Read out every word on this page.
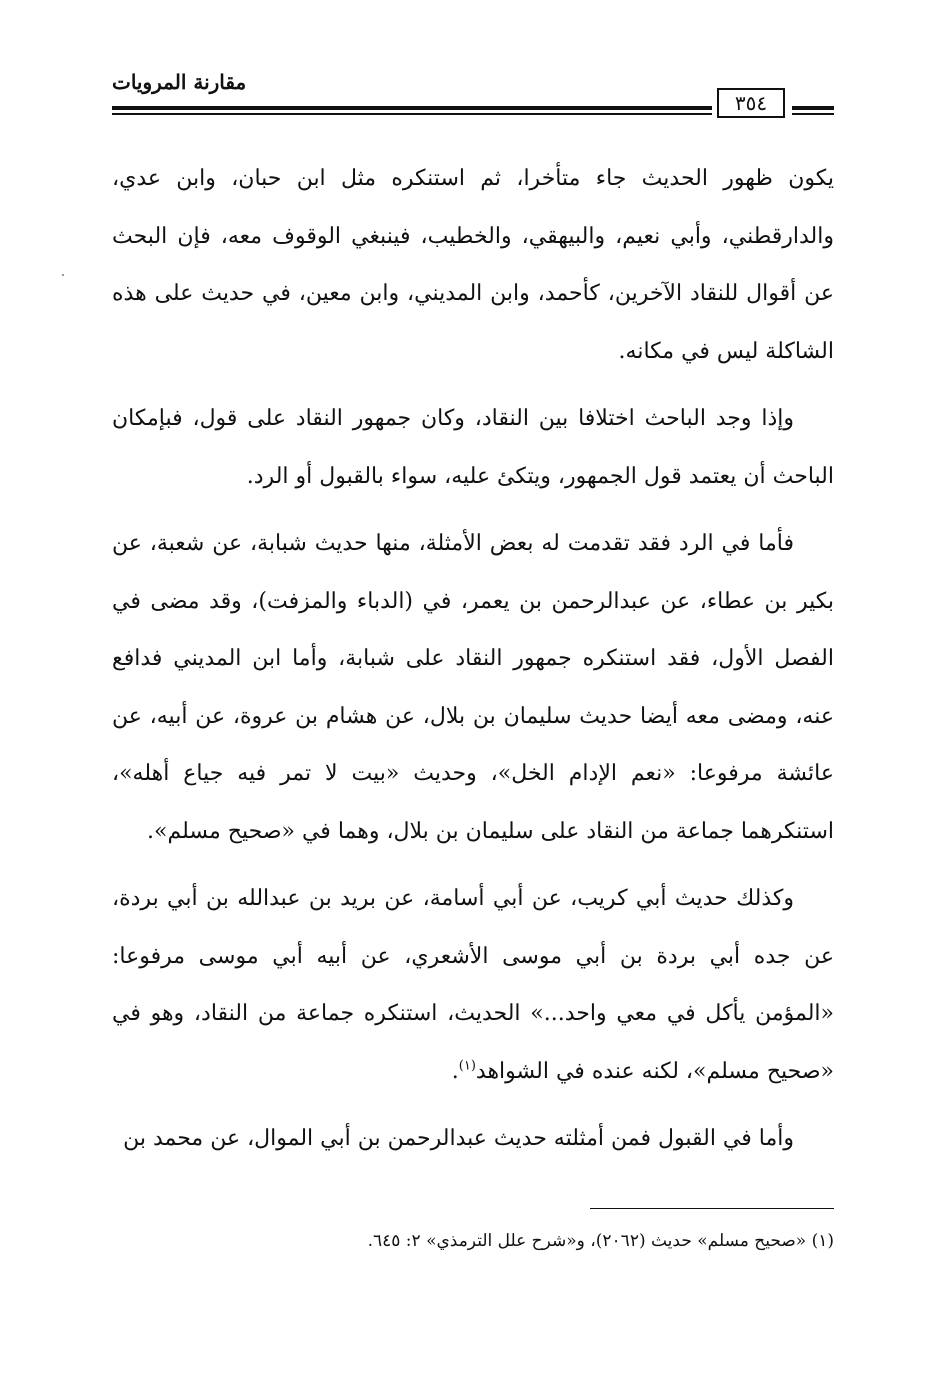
مقارنة المرويات
٣٥٤

يكون ظهور الحديث جاء متأخرا، ثم استنكره مثل ابن حبان، وابن عدي، والدارقطني، وأبي نعيم، والبيهقي، والخطيب، فينبغي الوقوف معه، فإن البحث عن أقوال للنقاد الآخرين، كأحمد، وابن المديني، وابن معين، في حديث على هذه الشاكلة ليس في مكانه.

وإذا وجد الباحث اختلافا بين النقاد، وكان جمهور النقاد على قول، فبإمكان الباحث أن يعتمد قول الجمهور، ويتكئ عليه، سواء بالقبول أو الرد.

فأما في الرد فقد تقدمت له بعض الأمثلة، منها حديث شبابة، عن شعبة، عن بكير بن عطاء، عن عبدالرحمن بن يعمر، في (الدباء والمزفت)، وقد مضى في الفصل الأول، فقد استنكره جمهور النقاد على شبابة، وأما ابن المديني فدافع عنه، ومضى معه أيضا حديث سليمان بن بلال، عن هشام بن عروة، عن أبيه، عن عائشة مرفوعا: «نعم الإدام الخل»، وحديث «بيت لا تمر فيه جياع أهله»، استنكرهما جماعة من النقاد على سليمان بن بلال، وهما في «صحيح مسلم».

وكذلك حديث أبي كريب، عن أبي أسامة، عن بريد بن عبدالله بن أبي بردة، عن جده أبي بردة بن أبي موسى الأشعري، عن أبيه أبي موسى مرفوعا: «المؤمن يأكل في معي واحد...» الحديث، استنكره جماعة من النقاد، وهو في «صحيح مسلم»، لكنه عنده في الشواهد$^{(١)}$.

وأما في القبول فمن أمثلته حديث عبدالرحمن بن أبي الموال، عن محمد بن

(١) «صحيح مسلم» حديث (٢٠٦٢)، و«شرح علل الترمذي» ٢: ٦٤٥.
